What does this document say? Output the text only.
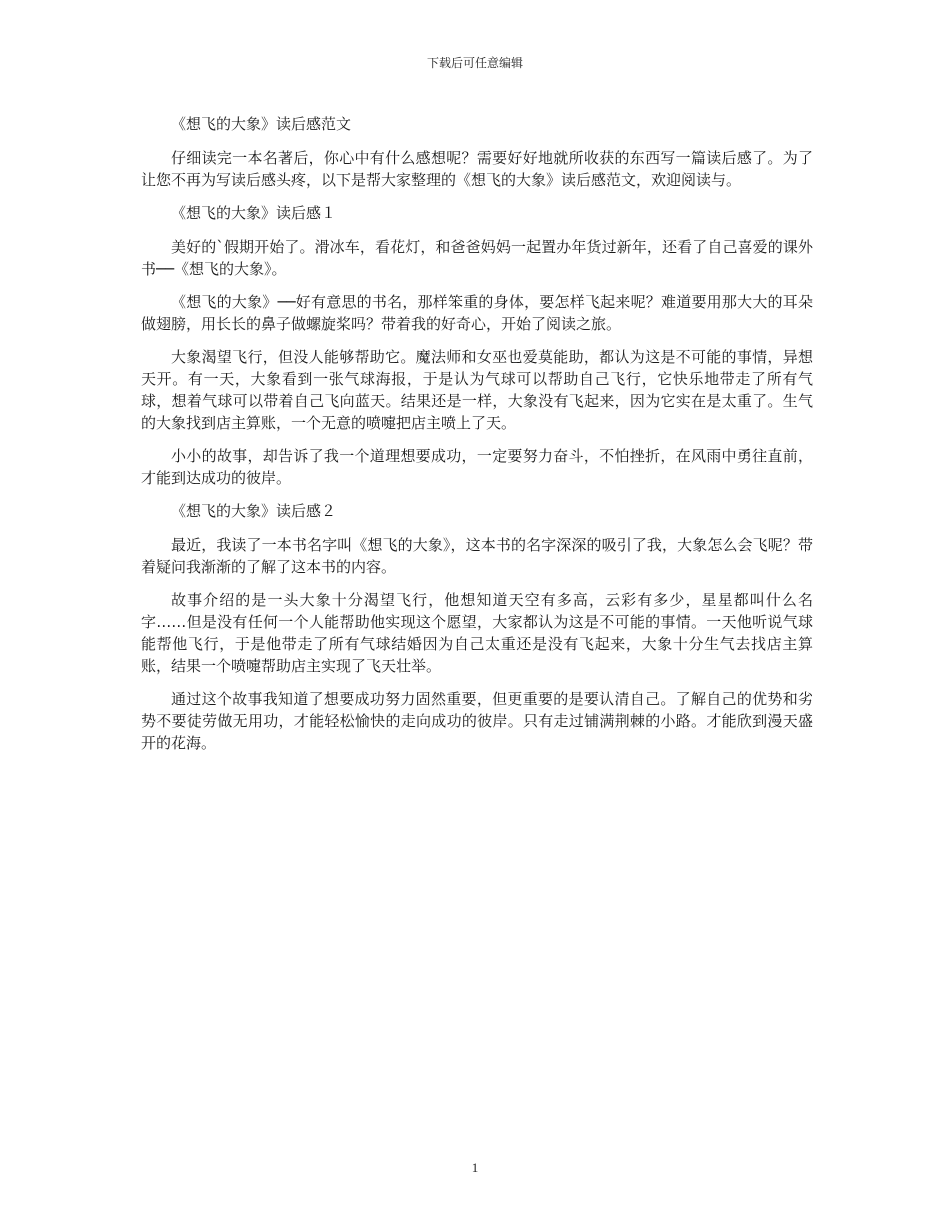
下载后可任意编辑

《想飞的大象》读后感范文

仔细读完一本名著后，你心中有什么感想呢？需要好好地就所收获的东西写一篇读后感了。为了让您不再为写读后感头疼，以下是帮大家整理的《想飞的大象》读后感范文，欢迎阅读与。

《想飞的大象》读后感１

美好的`假期开始了。滑冰车，看花灯，和爸爸妈妈一起置办年货过新年，还看了自己喜爱的课外书──《想飞的大象》。

《想飞的大象》──好有意思的书名，那样笨重的身体，要怎样飞起来呢？难道要用那大大的耳朵做翅膀，用长长的鼻子做螺旋桨吗？带着我的好奇心，开始了阅读之旅。

大象渴望飞行，但没人能够帮助它。魔法师和女巫也爱莫能助，都认为这是不可能的事情，异想天开。有一天，大象看到一张气球海报，于是认为气球可以帮助自己飞行，它快乐地带走了所有气球，想着气球可以带着自己飞向蓝天。结果还是一样，大象没有飞起来，因为它实在是太重了。生气的大象找到店主算账，一个无意的喷嚏把店主喷上了天。

小小的故事，却告诉了我一个道理想要成功，一定要努力奋斗，不怕挫折，在风雨中勇往直前，才能到达成功的彼岸。

《想飞的大象》读后感２

最近，我读了一本书名字叫《想飞的大象》，这本书的名字深深的吸引了我，大象怎么会飞呢？带着疑问我渐渐的了解了这本书的内容。

故事介绍的是一头大象十分渴望飞行，他想知道天空有多高，云彩有多少，星星都叫什么名字……但是没有任何一个人能帮助他实现这个愿望，大家都认为这是不可能的事情。一天他听说气球能帮他飞行，于是他带走了所有气球结婚因为自己太重还是没有飞起来，大象十分生气去找店主算账，结果一个喷嚏帮助店主实现了飞天壮举。

通过这个故事我知道了想要成功努力固然重要，但更重要的是要认清自己。了解自己的优势和劣势不要徒劳做无用功，才能轻松愉快的走向成功的彼岸。只有走过铺满荆棘的小路。才能欣到漫天盛开的花海。

1
